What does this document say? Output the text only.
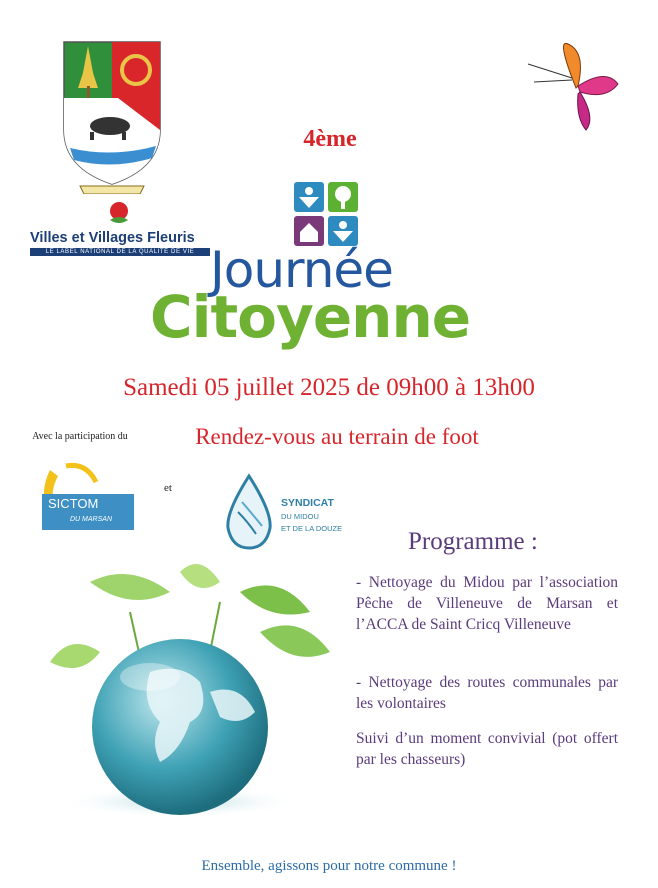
4ème
Villes et Villages Fleuris
LE LABEL NATIONAL DE LA QUALITÉ DE VIE Journée
Citoyenne
Samedi 05 juillet 2025 de 09h00 à 13h00
Rendez-vous au terrain de foot
Avec la participation du
SICTOM
DU MARSAN
et
SYNDICAT
DU MIDOU
ET DE LA DOUZE	Programme :
- Nettoyage du Midou par l’association Pêche de Villeneuve de Marsan et l’ACCA de Saint Cricq Villeneuve
- Nettoyage des routes communales par les volontaires
Suivi d’un moment convivial (pot offert par les chasseurs)
Ensemble, agissons pour notre commune !
